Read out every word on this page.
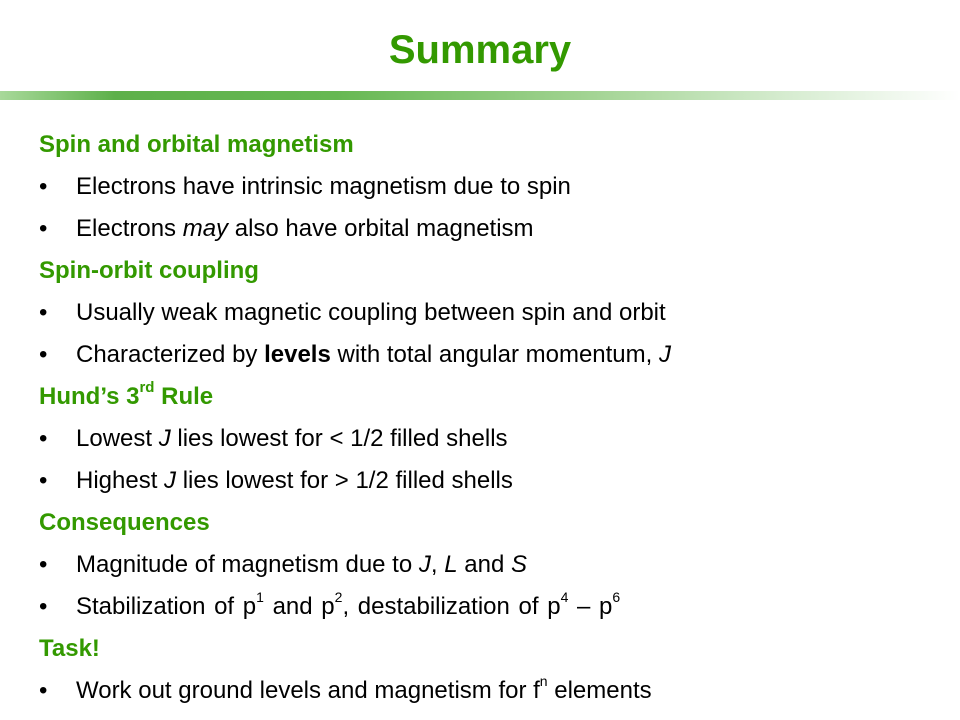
Summary
Spin and orbital magnetism
• Electrons have intrinsic magnetism due to spin
• Electrons may also have orbital magnetism
Spin-orbit coupling
• Usually weak magnetic coupling between spin and orbit
• Characterized by levels with total angular momentum, J
Hund’s 3rd Rule
• Lowest J lies lowest for < 1/2 filled shells
• Highest J lies lowest for > 1/2 filled shells
Consequences
• Magnitude of magnetism due to J, L and S
• Stabilization of $p^1$ and $p^2$, destabilization of $p^4 - p^6$
Task!
• Work out ground levels and magnetism for $f^n$ elements
